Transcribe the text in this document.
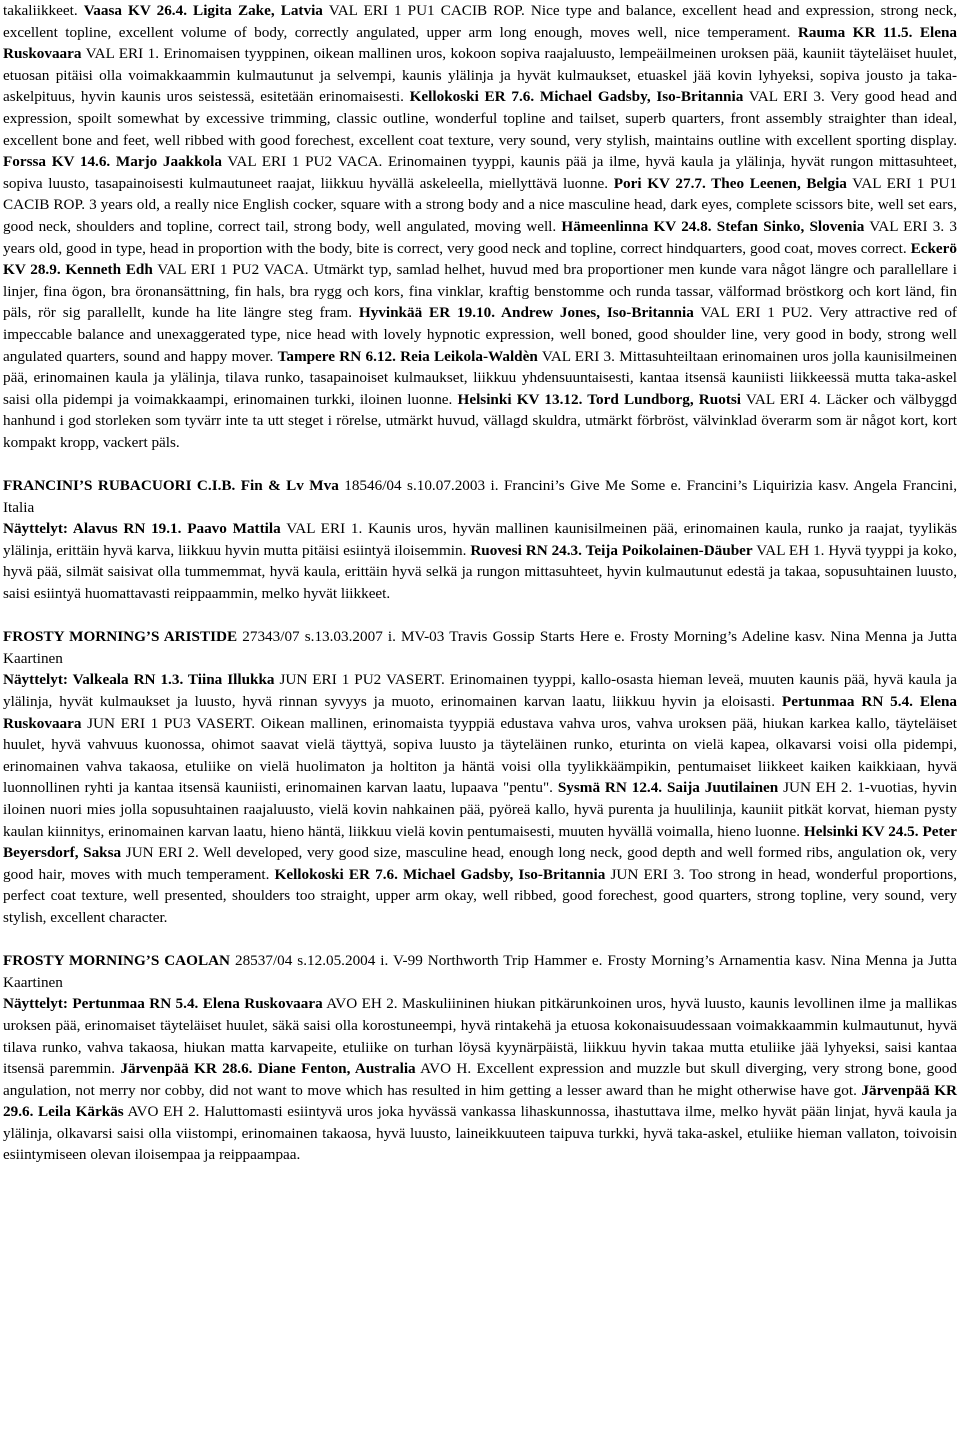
takaliikkeet. Vaasa KV 26.4. Ligita Zake, Latvia VAL ERI 1 PU1 CACIB ROP. Nice type and balance, excellent head and expression, strong neck, excellent topline, excellent volume of body, correctly angulated, upper arm long enough, moves well, nice temperament. Rauma KR 11.5. Elena Ruskovaara VAL ERI 1. Erinomaisen tyyppinen, oikean mallinen uros, kokoon sopiva raajaluusto, lempeäilmeinen uroksen pää, kauniit täyteläiset huulet, etuosan pitäisi olla voimakkaammin kulmautunut ja selvempi, kaunis ylälinja ja hyvät kulmaukset, etuaskel jää kovin lyhyeksi, sopiva jousto ja taka-askelpituus, hyvin kaunis uros seistessä, esitetään erinomaisesti. Kellokoski ER 7.6. Michael Gadsby, Iso-Britannia VAL ERI 3. Very good head and expression, spoilt somewhat by excessive trimming, classic outline, wonderful topline and tailset, superb quarters, front assembly straighter than ideal, excellent bone and feet, well ribbed with good forechest, excellent coat texture, very sound, very stylish, maintains outline with excellent sporting display. Forssa KV 14.6. Marjo Jaakkola VAL ERI 1 PU2 VACA. Erinomainen tyyppi, kaunis pää ja ilme, hyvä kaula ja ylälinja, hyvät rungon mittasuhteet, sopiva luusto, tasapainoisesti kulmautuneet raajat, liikkuu hyvällä askeleella, miellyttävä luonne. Pori KV 27.7. Theo Leenen, Belgia VAL ERI 1 PU1 CACIB ROP. 3 years old, a really nice English cocker, square with a strong body and a nice masculine head, dark eyes, complete scissors bite, well set ears, good neck, shoulders and topline, correct tail, strong body, well angulated, moving well. Hämeenlinna KV 24.8. Stefan Sinko, Slovenia VAL ERI 3. 3 years old, good in type, head in proportion with the body, bite is correct, very good neck and topline, correct hindquarters, good coat, moves correct. Eckerö KV 28.9. Kenneth Edh VAL ERI 1 PU2 VACA. Utmärkt typ, samlad helhet, huvud med bra proportioner men kunde vara något längre och parallellare i linjer, fina ögon, bra öronansättning, fin hals, bra rygg och kors, fina vinklar, kraftig benstomme och runda tassar, välformad bröstkorg och kort länd, fin päls, rör sig parallellt, kunde ha lite längre steg fram. Hyvinkää ER 19.10. Andrew Jones, Iso-Britannia VAL ERI 1 PU2. Very attractive red of impeccable balance and unexaggerated type, nice head with lovely hypnotic expression, well boned, good shoulder line, very good in body, strong well angulated quarters, sound and happy mover. Tampere RN 6.12. Reia Leikola-Waldèn VAL ERI 3. Mittasuhteiltaan erinomainen uros jolla kaunisilmeinen pää, erinomainen kaula ja ylälinja, tilava runko, tasapainoiset kulmaukset, liikkuu yhdensuuntaisesti, kantaa itsensä kauniisti liikkeessä mutta taka-askel saisi olla pidempi ja voimakkaampi, erinomainen turkki, iloinen luonne. Helsinki KV 13.12. Tord Lundborg, Ruotsi VAL ERI 4. Läcker och välbyggd hanhund i god storleken som tyvärr inte ta utt steget i rörelse, utmärkt huvud, vällagd skuldra, utmärkt förbröst, välvinklad överarm som är något kort, kort kompakt kropp, vackert päls.

FRANCINI’S RUBACUORI C.I.B. Fin & Lv Mva 18546/04 s.10.07.2003 i. Francini’s Give Me Some e. Francini’s Liquirizia kasv. Angela Francini, Italia

Näyttelyt: Alavus RN 19.1. Paavo Mattila VAL ERI 1. Kaunis uros, hyvän mallinen kaunisilmeinen pää, erinomainen kaula, runko ja raajat, tyylikäs ylälinja, erittäin hyvä karva, liikkuu hyvin mutta pitäisi esiintyä iloisemmin. Ruovesi RN 24.3. Teija Poikolainen-Däuber VAL EH 1. Hyvä tyyppi ja koko, hyvä pää, silmät saisivat olla tummemmat, hyvä kaula, erittäin hyvä selkä ja rungon mittasuhteet, hyvin kulmautunut edestä ja takaa, sopusuhtainen luusto, saisi esiintyä huomattavasti reippaammin, melko hyvät liikkeet.

FROSTY MORNING’S ARISTIDE 27343/07 s.13.03.2007 i. MV-03 Travis Gossip Starts Here e. Frosty Morning’s Adeline kasv. Nina Menna ja Jutta Kaartinen

Näyttelyt: Valkeala RN 1.3. Tiina Illukka JUN ERI 1 PU2 VASERT. Erinomainen tyyppi, kallo-osasta hieman leveä, muuten kaunis pää, hyvä kaula ja ylälinja, hyvät kulmaukset ja luusto, hyvä rinnan syvyys ja muoto, erinomainen karvan laatu, liikkuu hyvin ja eloisasti. Pertunmaa RN 5.4. Elena Ruskovaara JUN ERI 1 PU3 VASERT. Oikean mallinen, erinomaista tyyppiä edustava vahva uros, vahva uroksen pää, hiukan karkea kallo, täyteläiset huulet, hyvä vahvuus kuonossa, ohimot saavat vielä täyttyä, sopiva luusto ja täyteläinen runko, eturinta on vielä kapea, olkavarsi voisi olla pidempi, erinomainen vahva takaosa, etuliike on vielä huolimaton ja holtiton ja häntä voisi olla tyylikkäämpikin, pentumaiset liikkeet kaiken kaikkiaan, hyvä luonnollinen ryhti ja kantaa itsensä kauniisti, erinomainen karvan laatu, lupaava "pentu". Sysmä RN 12.4. Saija Juutilainen JUN EH 2. 1-vuotias, hyvin iloinen nuori mies jolla sopusuhtainen raajaluusto, vielä kovin nahkainen pää, pyöreä kallo, hyvä purenta ja huulilinja, kauniit pitkät korvat, hieman pysty kaulan kiinnitys, erinomainen karvan laatu, hieno häntä, liikkuu vielä kovin pentumaisesti, muuten hyvällä voimalla, hieno luonne. Helsinki KV 24.5. Peter Beyersdorf, Saksa JUN ERI 2. Well developed, very good size, masculine head, enough long neck, good depth and well formed ribs, angulation ok, very good hair, moves with much temperament. Kellokoski ER 7.6. Michael Gadsby, Iso-Britannia JUN ERI 3. Too strong in head, wonderful proportions, perfect coat texture, well presented, shoulders too straight, upper arm okay, well ribbed, good forechest, good quarters, strong topline, very sound, very stylish, excellent character.

FROSTY MORNING’S CAOLAN 28537/04 s.12.05.2004 i. V-99 Northworth Trip Hammer e. Frosty Morning’s Arnamentia kasv. Nina Menna ja Jutta Kaartinen

Näyttelyt: Pertunmaa RN 5.4. Elena Ruskovaara AVO EH 2. Maskuliininen hiukan pitkärunkoinen uros, hyvä luusto, kaunis levollinen ilme ja mallikas uroksen pää, erinomaiset täyteläiset huulet, säkä saisi olla korostuneempi, hyvä rintakehä ja etuosa kokonaisuudessaan voimakkaammin kulmautunut, hyvä tilava runko, vahva takaosa, hiukan matta karvapeite, etuliike on turhan löysä kyynärpäistä, liikkuu hyvin takaa mutta etuliike jää lyhyeksi, saisi kantaa itsensä paremmin. Järvenpää KR 28.6. Diane Fenton, Australia AVO H. Excellent expression and muzzle but skull diverging, very strong bone, good angulation, not merry nor cobby, did not want to move which has resulted in him getting a lesser award than he might otherwise have got. Järvenpää KR 29.6. Leila Kärkäs AVO EH 2. Haluttomasti esiintyvä uros joka hyvässä vankassa lihaskunnossa, ihastuttava ilme, melko hyvät pään linjat, hyvä kaula ja ylälinja, olkavarsi saisi olla viistompi, erinomainen takaosa, hyvä luusto, laineikkuuteen taipuva turkki, hyvä taka-askel, etuliike hieman vallaton, toivoisin esiintymiseen olevan iloisempaa ja reippaampaa.
